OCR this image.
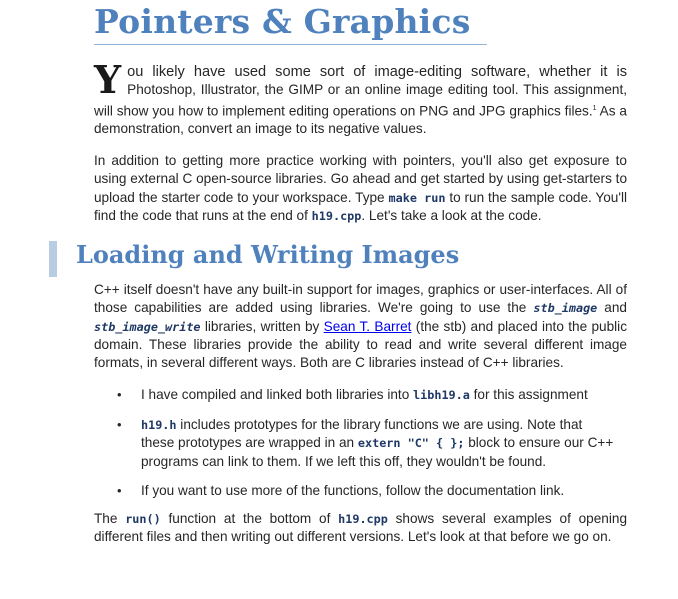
Pointers & Graphics

Y ou likely have used some sort of image-editing software, whether it is Photoshop, Illustrator, the GIMP or an online image editing tool. This assignment, will show you how to implement editing operations on PNG and JPG graphics files.$^1$ As a demonstration, convert an image to its negative values.

In addition to getting more practice working with pointers, you'll also get exposure to using external C open-source libraries. Go ahead and get started by using get-starters to upload the starter code to your workspace. Type make run to run the sample code. You'll find the code that runs at the end of h19.cpp. Let's take a look at the code.

Loading and Writing Images

C++ itself doesn't have any built-in support for images, graphics or user-interfaces. All of those capabilities are added using libraries. We're going to use the stb_image and stb_image_write libraries, written by Sean T. Barret (the stb) and placed into the public domain. These libraries provide the ability to read and write several different image formats, in several different ways. Both are C libraries instead of C++ libraries.

• I have compiled and linked both libraries into libh19.a for this assignment
• h19.h includes prototypes for the library functions we are using. Note that these prototypes are wrapped in an extern "C" { }; block to ensure our C++ programs can link to them. If we left this off, they wouldn't be found.
• If you want to use more of the functions, follow the documentation link.

The run() function at the bottom of h19.cpp shows several examples of opening different files and then writing out different versions. Let's look at that before we go on.
